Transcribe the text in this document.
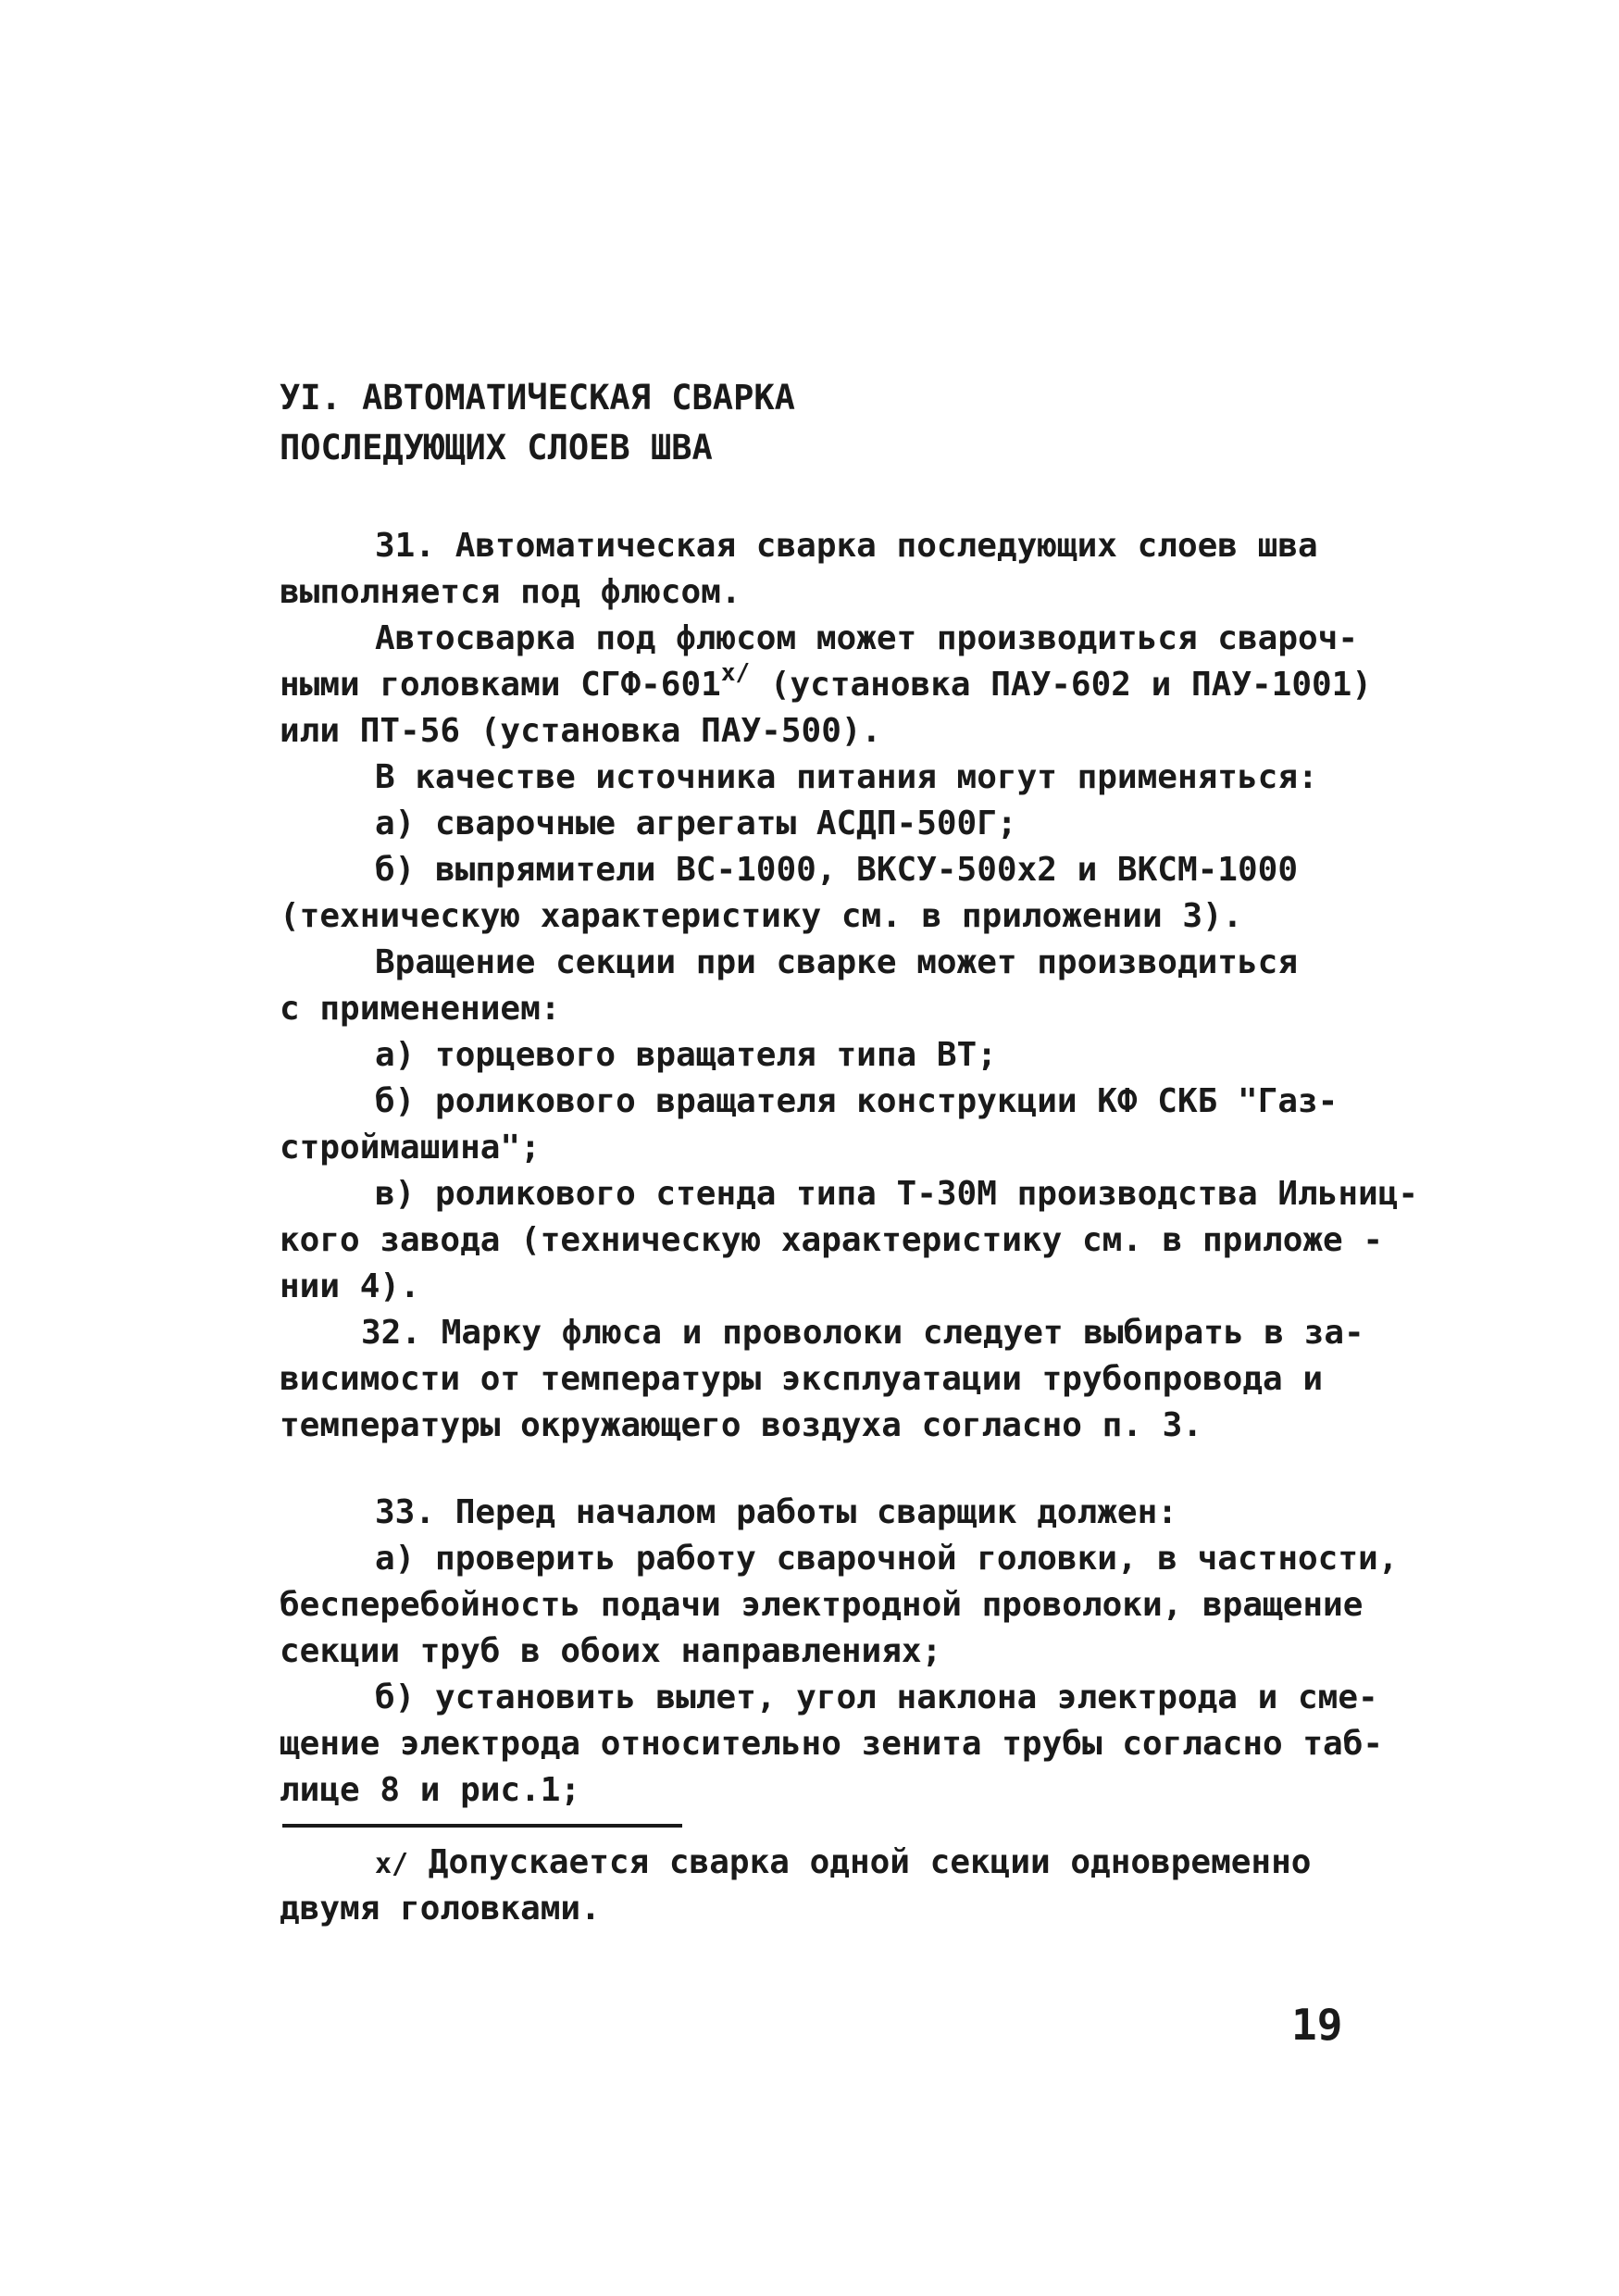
УI. АВТОМАТИЧЕСКАЯ СВАРКА
ПОСЛЕДУЮЩИХ СЛОЕВ ШВА
31. Автоматическая сварка последующих слоев шва
выполняется под флюсом.
Автосварка под флюсом может производиться свароч-
ными головками СГФ-$601^{x/}$ (установка ПАУ-602 и ПАУ-1001)
или ПТ-56 (установка ПАУ-500).
В качестве источника питания могут применяться:
а) сварочные агрегаты АСДП-500Г;
б) выпрямители ВС-1000, ВКСУ-500х2 и ВКСМ-1000
(техническую характеристику см. в приложении 3).
Вращение секции при сварке может производиться
с применением:
а) торцевого вращателя типа ВТ;
б) роликового вращателя конструкции КФ СКБ "Газ-
строймашина";
в) роликового стенда типа Т-30М производства Ильниц-
кого завода (техническую характеристику см. в приложе -
нии 4).
32. Марку флюса и проволоки следует выбирать в за-
висимости от температуры эксплуатации трубопровода и
температуры окружающего воздуха согласно п. 3.
33. Перед началом работы сварщик должен:
а) проверить работу сварочной головки, в частности,
бесперебойность подачи электродной проволоки, вращение
секции труб в обоих направлениях;
б) установить вылет, угол наклона электрода и сме-
щение электрода относительно зенита трубы согласно таб-
лице 8 и рис.1;
x/ Допускается сварка одной секции одновременно
двумя головками.
19
